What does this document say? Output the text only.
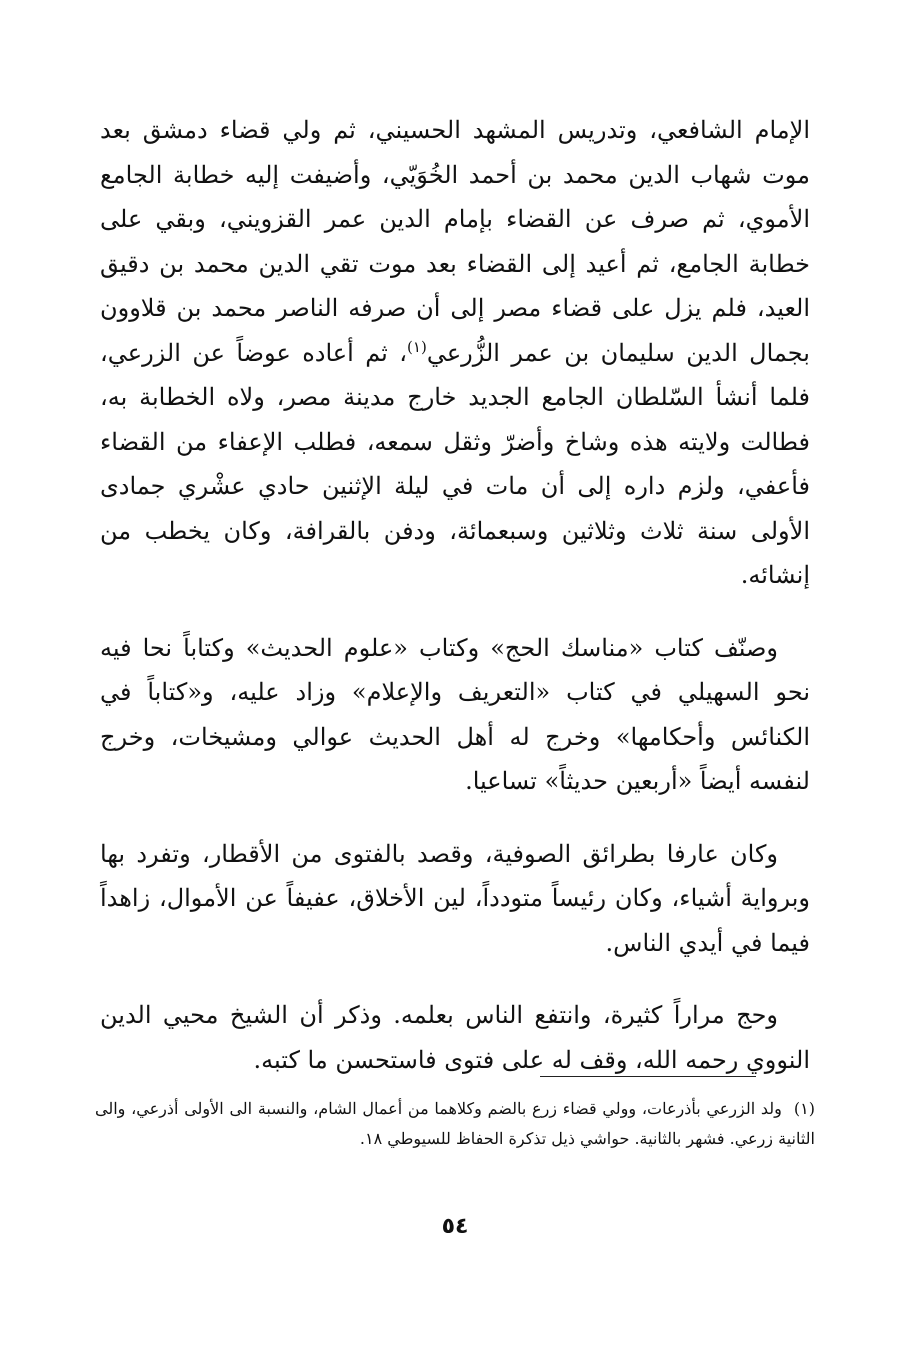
الإمام الشافعي، وتدريس المشهد الحسيني، ثم ولي قضاء دمشق بعد موت شهاب الدين محمد بن أحمد الخُوَيّي، وأضيفت إليه خطابة الجامع الأموي، ثم صرف عن القضاء بإمام الدين عمر القزويني، وبقي على خطابة الجامع، ثم أعيد إلى القضاء بعد موت تقي الدين محمد بن دقيق العيد، فلم يزل على قضاء مصر إلى أن صرفه الناصر محمد بن قلاوون بجمال الدين سليمان بن عمر الزُّرعي$^{(١)}$، ثم أعاده عوضاً عن الزرعي، فلما أنشأ السّلطان الجامع الجديد خارج مدينة مصر، ولاه الخطابة به، فطالت ولايته هذه وشاخ وأضرّ وثقل سمعه، فطلب الإعفاء من القضاء فأعفي، ولزم داره إلى أن مات في ليلة الإثنين حادي عشْري جمادى الأولى سنة ثلاث وثلاثين وسبعمائة، ودفن بالقرافة، وكان يخطب من إنشائه.

وصنّف كتاب «مناسك الحج» وكتاب «علوم الحديث» وكتاباً نحا فيه نحو السهيلي في كتاب «التعريف والإعلام» وزاد عليه، و«كتاباً في الكنائس وأحكامها» وخرج له أهل الحديث عوالي ومشيخات، وخرج لنفسه أيضاً «أربعين حديثاً» تساعيا.

وكان عارفا بطرائق الصوفية، وقصد بالفتوى من الأقطار، وتفرد بها وبرواية أشياء، وكان رئيساً متودداً، لين الأخلاق، عفيفاً عن الأموال، زاهداً فيما في أيدي الناس.

وحج مراراً كثيرة، وانتفع الناس بعلمه. وذكر أن الشيخ محيي الدين النووي رحمه الله، وقف له على فتوى فاستحسن ما كتبه.

(١)ولد الزرعي بأذرعات، وولي قضاء زرع بالضم وكلاهما من أعمال الشام، والنسبة الى الأولى أذرعي، والى الثانية زرعي. فشهر بالثانية. حواشي ذيل تذكرة الحفاظ للسيوطي ١٨.
٥٤
